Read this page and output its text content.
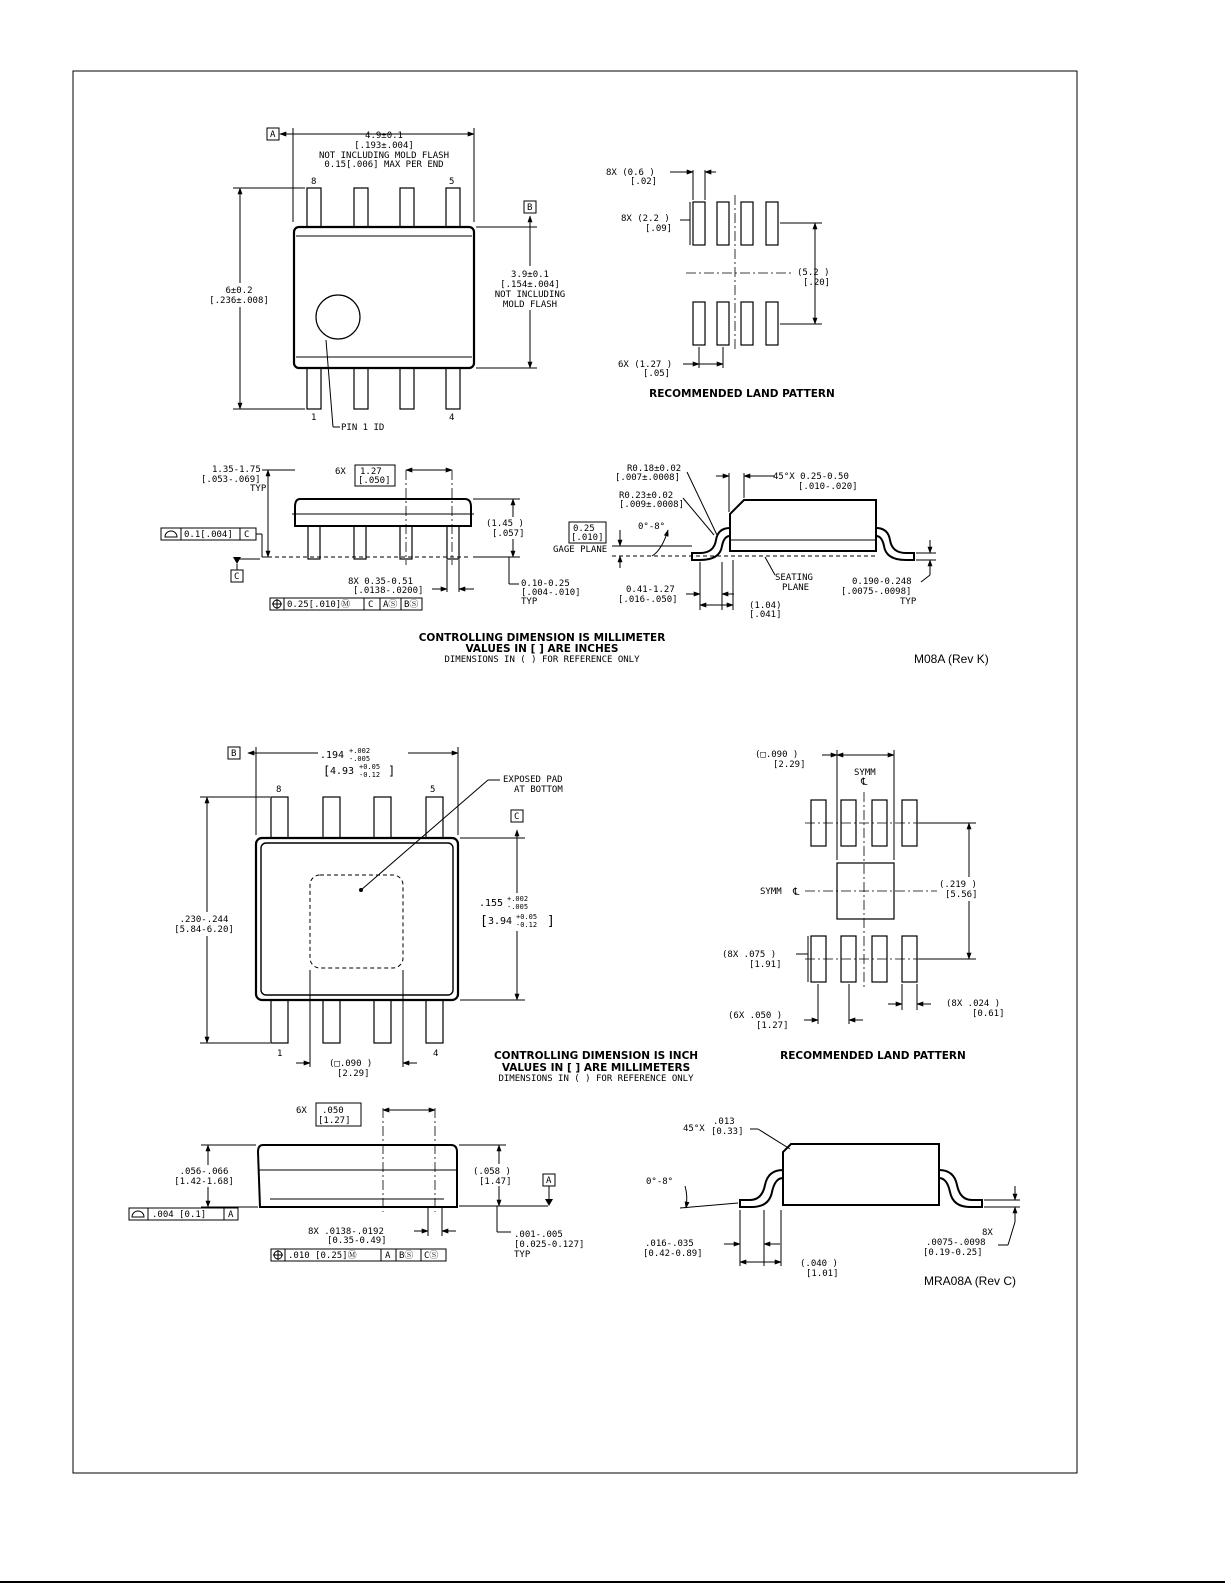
PIN 1 ID
8	5
1	4
A	4.9±0.1
[.193±.004]
NOT INCLUDING MOLD FLASH
0.15[.006] MAX PER END
6±0.2
[.236±.008]
B
3.9±0.1
[.154±.004]
NOT INCLUDING
MOLD FLASH
8X (0.6 )
[.02]
8X (2.2 )
[.09]
(5.2 )
[.20]
6X (1.27 )
[.05]
RECOMMENDED LAND PATTERN
6X 1.27
[.050]
1.35-1.75
[.053-.069]
TYP
0.1[.004] C
C
(1.45 )
[.057]
8X 0.35-0.51
[.0138-.0200]
0.25[.010]Ⓜ C AⓈ BⓈ
0.10-0.25
[.004-.010]
TYP
R0.18±0.02
[.007±.0008]
R0.23±0.02
[.009±.0008]
45°X 0.25-0.50
[.010-.020]
0.25
[.010]
GAGE PLANE
0°-8°
SEATING
PLANE
0.41-1.27
[.016-.050]
(1.04)
[.041]
0.190-0.248
[.0075-.0098]
TYP
CONTROLLING DIMENSION IS MILLIMETER
VALUES IN [ ] ARE INCHES
DIMENSIONS IN ( ) FOR REFERENCE ONLY	M08A (Rev K)
EXPOSED PAD
AT BOTTOM
8	5
1	4
B	.194 +.002
-.005
[ 4.93 +0.05
-0.12 ]
.230-.244
[5.84-6.20]
C
.155 +.002
-.005
[ 3.94 +0.05
-0.12 ]
(□.090 )
[2.29]
(□.090 )
[2.29]
SYMM
℄
SYMM ℄
(.219 )
[5.56]
(8X .075 )
[1.91]
(6X .050 )
[1.27]
(8X .024 )
[0.61]
RECOMMENDED LAND PATTERN
CONTROLLING DIMENSION IS INCH
VALUES IN [ ] ARE MILLIMETERS
DIMENSIONS IN ( ) FOR REFERENCE ONLY
6X .050
[1.27]
.056-.066
[1.42-1.68]
(.058 )
[1.47]	A
.004 [0.1] A
8X .0138-.0192
[0.35-0.49]
.010 [0.25]Ⓜ	A BⓈ CⓈ
.001-.005
[0.025-0.127]
TYP
45°X
.013
[0.33]
0°-8°
.016-.035
[0.42-0.89]
(.040 )
[1.01]
8X
.0075-.0098
[0.19-0.25]
MRA08A (Rev C)
